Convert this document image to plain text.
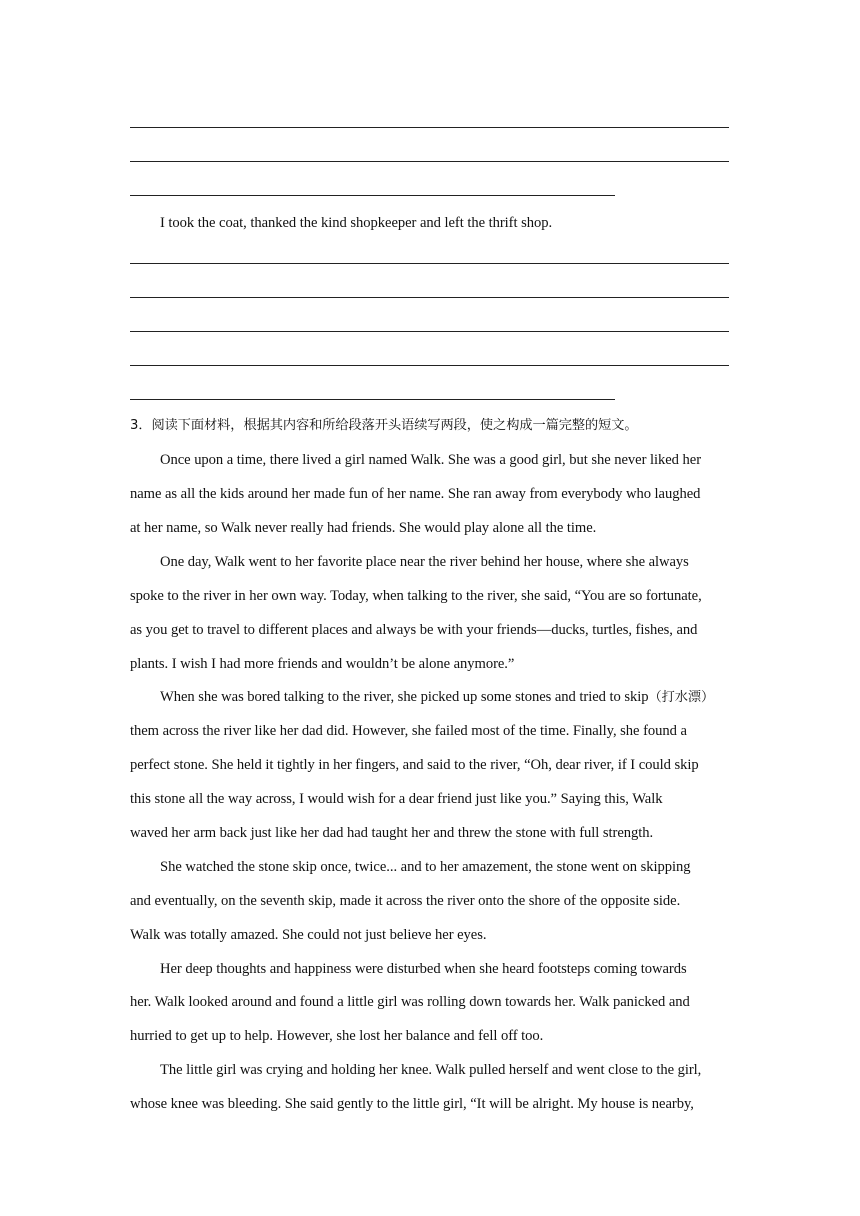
I took the coat, thanked the kind shopkeeper and left the thrift shop.
3．阅读下面材料，根据其内容和所给段落开头语续写两段，使之构成一篇完整的短文。
Once upon a time, there lived a girl named Walk. She was a good girl, but she never liked her
name as all the kids around her made fun of her name. She ran away from everybody who laughed
at her name, so Walk never really had friends. She would play alone all the time.
One day, Walk went to her favorite place near the river behind her house, where she always
spoke to the river in her own way. Today, when talking to the river, she said, “You are so fortunate,
as you get to travel to different places and always be with your friends—ducks, turtles, fishes, and
plants. I wish I had more friends and wouldn’t be alone anymore.”
When she was bored talking to the river, she picked up some stones and tried to skip（打水漂）
them across the river like her dad did. However, she failed most of the time. Finally, she found a
perfect stone. She held it tightly in her fingers, and said to the river, “Oh, dear river, if I could skip
this stone all the way across, I would wish for a dear friend just like you.” Saying this, Walk
waved her arm back just like her dad had taught her and threw the stone with full strength.
She watched the stone skip once, twice... and to her amazement, the stone went on skipping
and eventually, on the seventh skip, made it across the river onto the shore of the opposite side.
Walk was totally amazed. She could not just believe her eyes.
Her deep thoughts and happiness were disturbed when she heard footsteps coming towards
her. Walk looked around and found a little girl was rolling down towards her. Walk panicked and
hurried to get up to help. However, she lost her balance and fell off too.
The little girl was crying and holding her knee. Walk pulled herself and went close to the girl,
whose knee was bleeding. She said gently to the little girl, “It will be alright. My house is nearby,
